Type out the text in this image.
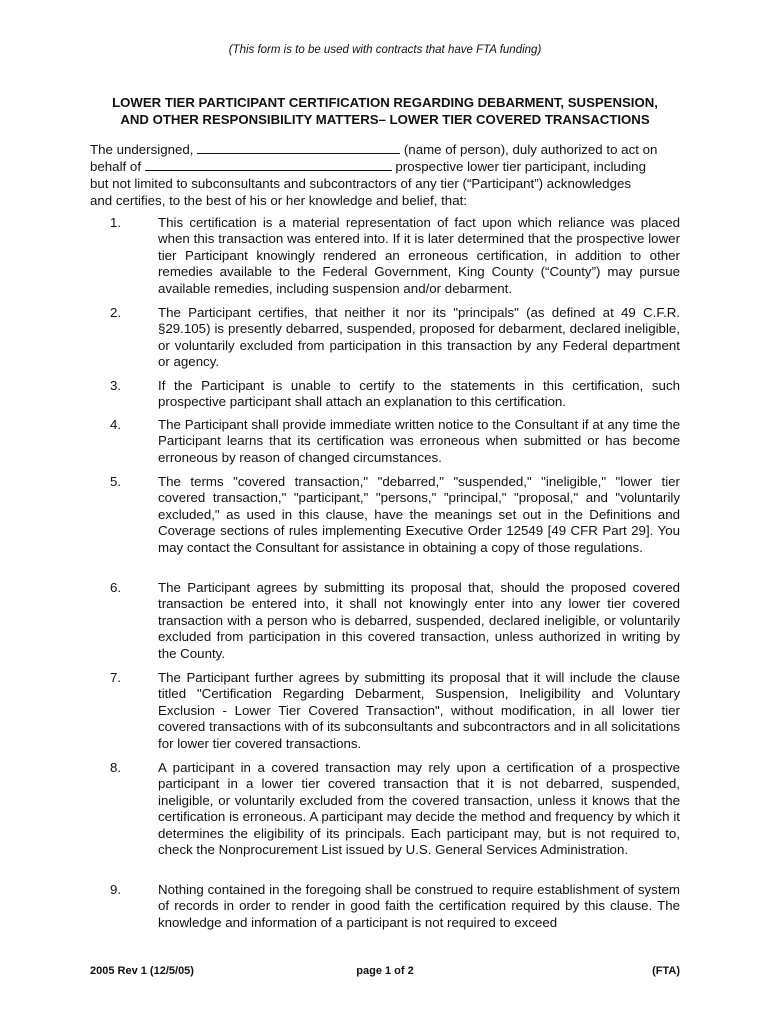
(This form is to be used with contracts that have FTA funding)
LOWER TIER PARTICIPANT CERTIFICATION REGARDING DEBARMENT, SUSPENSION,
AND OTHER RESPONSIBILITY MATTERS– LOWER TIER COVERED TRANSACTIONS
The undersigned,	(name of person), duly authorized to act on
behalf of	prospective lower tier participant, including
but not limited to subconsultants and subcontractors of any tier (“Participant”) acknowledges
and certifies, to the best of his or her knowledge and belief, that:
1.	This certification is a material representation of fact upon which reliance was placed when this transaction was entered into. If it is later determined that the prospective lower tier Participant knowingly rendered an erroneous certification, in addition to other remedies available to the Federal Government, King County (“County”) may pursue available remedies, including suspension and/or debarment.
2.	The Participant certifies, that neither it nor its "principals" (as defined at 49 C.F.R. §29.105) is presently debarred, suspended, proposed for debarment, declared ineligible, or voluntarily excluded from participation in this transaction by any Federal department or agency.
3.	If the Participant is unable to certify to the statements in this certification, such prospective participant shall attach an explanation to this certification.
4.	The Participant shall provide immediate written notice to the Consultant if at any time the Participant learns that its certification was erroneous when submitted or has become erroneous by reason of changed circumstances.
5.	The terms "covered transaction," "debarred," "suspended," "ineligible," "lower tier covered transaction," "participant," "persons," "principal," "proposal," and "voluntarily excluded," as used in this clause, have the meanings set out in the Definitions and Coverage sections of rules implementing Executive Order 12549 [49 CFR Part 29]. You may contact the Consultant for assistance in obtaining a copy of those regulations.
6.	The Participant agrees by submitting its proposal that, should the proposed covered transaction be entered into, it shall not knowingly enter into any lower tier covered transaction with a person who is debarred, suspended, declared ineligible, or voluntarily excluded from participation in this covered transaction, unless authorized in writing by the County.
7.	The Participant further agrees by submitting its proposal that it will include the clause titled "Certification Regarding Debarment, Suspension, Ineligibility and Voluntary Exclusion - Lower Tier Covered Transaction", without modification, in all lower tier covered transactions with of its subconsultants and subcontractors and in all solicitations for lower tier covered transactions.
8.	A participant in a covered transaction may rely upon a certification of a prospective participant in a lower tier covered transaction that it is not debarred, suspended, ineligible, or voluntarily excluded from the covered transaction, unless it knows that the certification is erroneous. A participant may decide the method and frequency by which it determines the eligibility of its principals. Each participant may, but is not required to, check the Nonprocurement List issued by U.S. General Services Administration.
9.	Nothing contained in the foregoing shall be construed to require establishment of system of records in order to render in good faith the certification required by this clause. The knowledge and information of a participant is not required to exceed
2005 Rev 1 (12/5/05)	page 1 of 2	(FTA)
